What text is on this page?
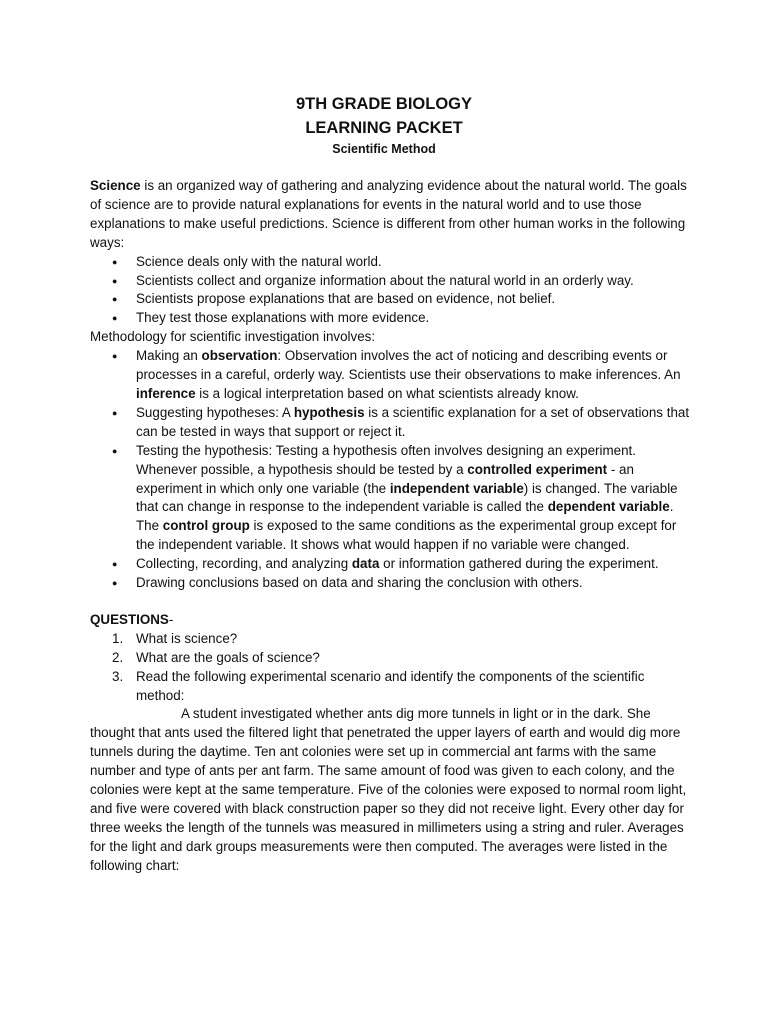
9TH GRADE BIOLOGY
LEARNING PACKET
Scientific Method

Science is an organized way of gathering and analyzing evidence about the natural world. The goals of science are to provide natural explanations for events in the natural world and to use those explanations to make useful predictions. Science is different from other human works in the following ways:

● Science deals only with the natural world.
● Scientists collect and organize information about the natural world in an orderly way.
● Scientists propose explanations that are based on evidence, not belief.
● They test those explanations with more evidence.

Methodology for scientific investigation involves:

● Making an observation: Observation involves the act of noticing and describing events or processes in a careful, orderly way. Scientists use their observations to make inferences. An inference is a logical interpretation based on what scientists already know.
● Suggesting hypotheses: A hypothesis is a scientific explanation for a set of observations that can be tested in ways that support or reject it.
● Testing the hypothesis: Testing a hypothesis often involves designing an experiment. Whenever possible, a hypothesis should be tested by a controlled experiment - an experiment in which only one variable (the independent variable) is changed. The variable that can change in response to the independent variable is called the dependent variable. The control group is exposed to the same conditions as the experimental group except for the independent variable. It shows what would happen if no variable were changed.
● Collecting, recording, and analyzing data or information gathered during the experiment.
● Drawing conclusions based on data and sharing the conclusion with others.

QUESTIONS-

1. What is science?
2. What are the goals of science?
3. Read the following experimental scenario and identify the components of the scientific method:

A student investigated whether ants dig more tunnels in light or in the dark. She thought that ants used the filtered light that penetrated the upper layers of earth and would dig more tunnels during the daytime. Ten ant colonies were set up in commercial ant farms with the same number and type of ants per ant farm. The same amount of food was given to each colony, and the colonies were kept at the same temperature. Five of the colonies were exposed to normal room light, and five were covered with black construction paper so they did not receive light. Every other day for three weeks the length of the tunnels was measured in millimeters using a string and ruler. Averages for the light and dark groups measurements were then computed. The averages were listed in the following chart:
